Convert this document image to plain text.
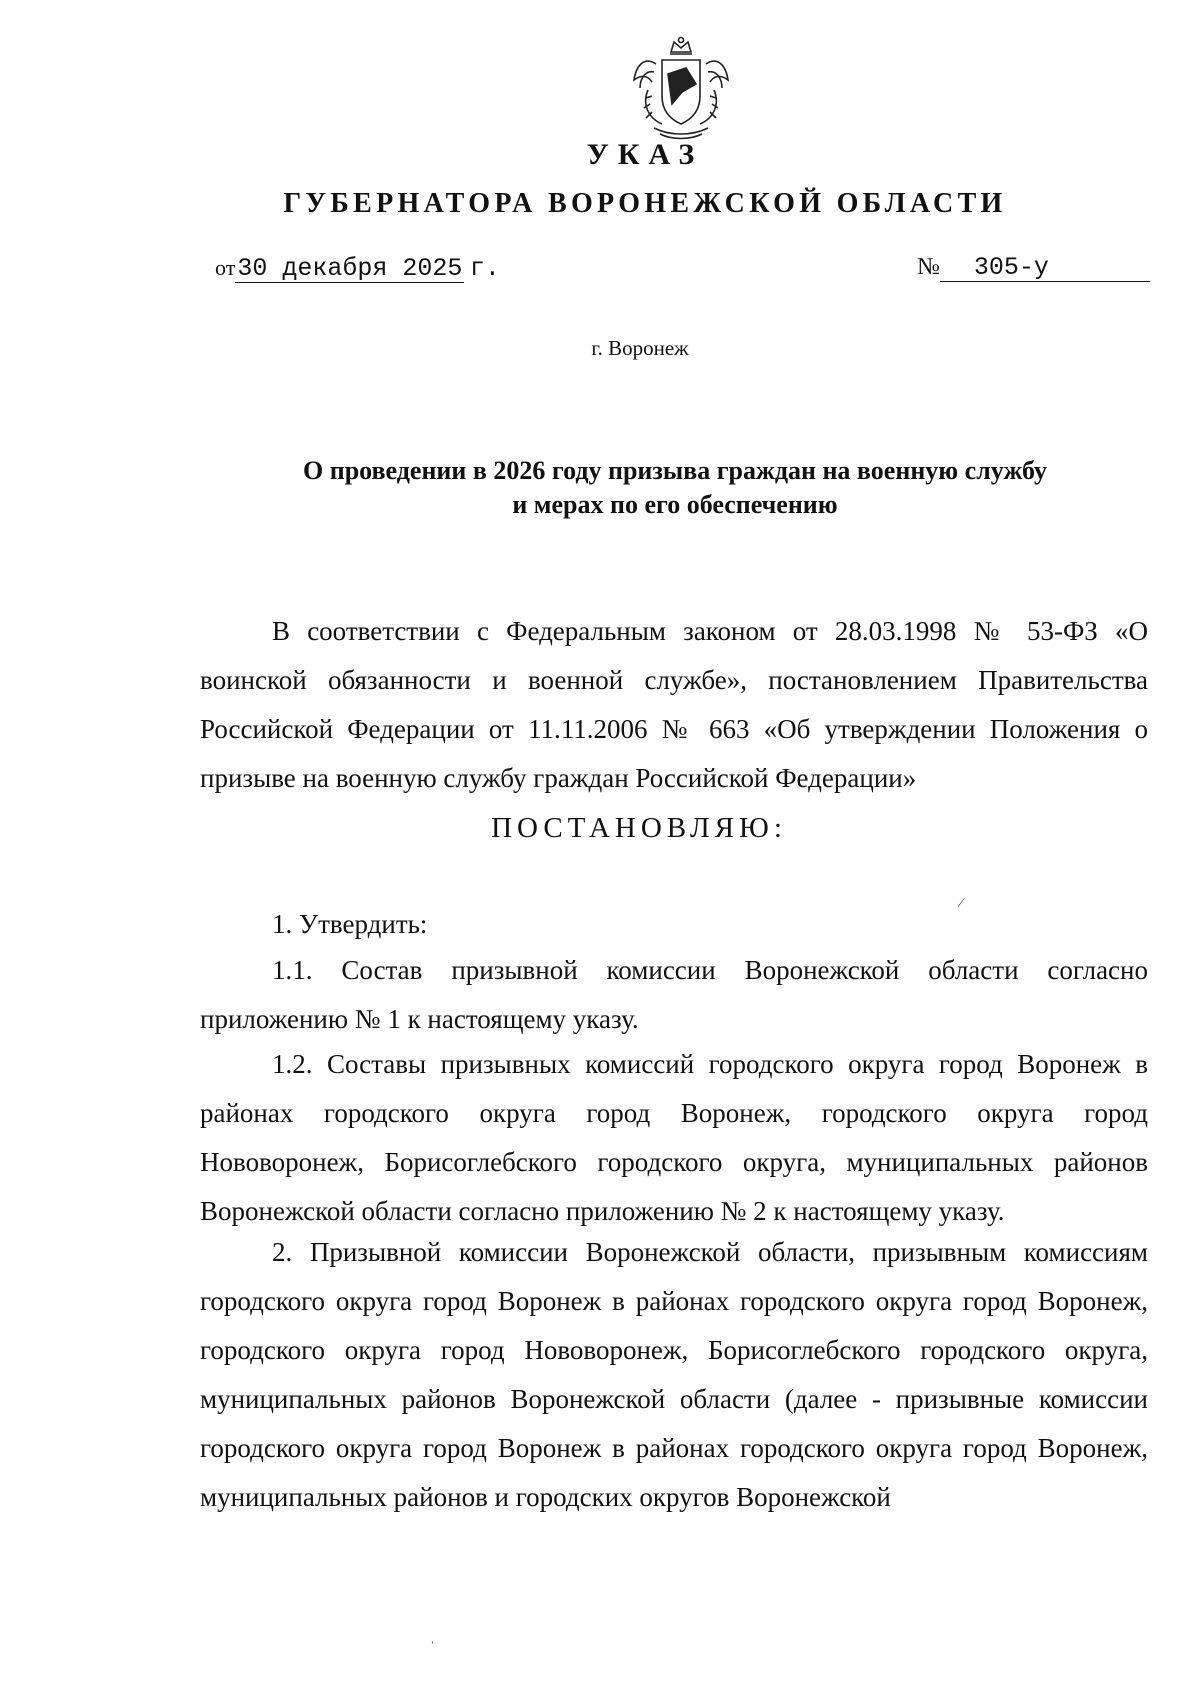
УКАЗ
ГУБЕРНАТОРА ВОРОНЕЖСКОЙ ОБЛАСТИ
от30 декабря 2025 г.	№ 305-у
г. Воронеж
О проведении в 2026 году призыва граждан на военную службу
и мерах по его обеспечению
В соответствии с Федеральным законом от 28.03.1998 № 53-ФЗ «О воинской обязанности и военной службе», постановлением Правительства Российской Федерации от 11.11.2006 № 663 «Об утверждении Положения о призыве на военную службу граждан Российской Федерации»
ПОСТАНОВЛЯЮ:
1. Утвердить:
1.1. Состав призывной комиссии Воронежской области согласно приложению № 1 к настоящему указу.
1.2. Составы призывных комиссий городского округа город Воронеж в районах городского округа город Воронеж, городского округа город Нововоронеж, Борисоглебского городского округа, муниципальных районов Воронежской области согласно приложению № 2 к настоящему указу.
2. Призывной комиссии Воронежской области, призывным комиссиям городского округа город Воронеж в районах городского округа город Воронеж, городского округа город Нововоронеж, Борисоглебского городского округа, муниципальных районов Воронежской области (далее - призывные комиссии городского округа город Воронеж в районах городского округа город Воронеж, муниципальных районов и городских округов Воронежской
⁄
ˈ
